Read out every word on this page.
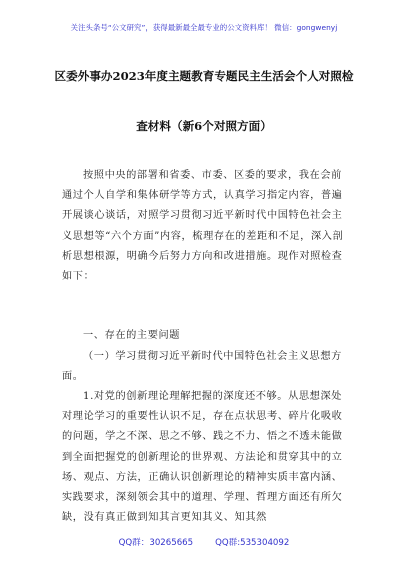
关注头条号“公文研究”，获得最新最全最专业的公文资料库！ 微信：gongwenyj
区委外事办2023年度主题教育专题民主生活会个人对照检
查材料（新6个对照方面）
按照中央的部署和省委、市委、区委的要求，我在会前通过个人自学和集体研学等方式，认真学习指定内容，普遍开展谈心谈话，对照学习贯彻习近平新时代中国特色社会主义思想等“六个方面”内容，梳理存在的差距和不足，深入剖析思想根源，明确今后努力方向和改进措施。现作对照检查如下：
一、存在的主要问题
（一）学习贯彻习近平新时代中国特色社会主义思想方面。
1.对党的创新理论理解把握的深度还不够。从思想深处对理论学习的重要性认识不足，存在点状思考、碎片化吸收的问题，学之不深、思之不够、践之不力、悟之不透未能做到全面把握党的创新理论的世界观、方法论和贯穿其中的立场、观点、方法，正确认识创新理论的精神实质丰富内涵、实践要求，深刻领会其中的道理、学理、哲理方面还有所欠缺，没有真正做到知其言更知其义、知其然
QQ群：30265665	QQ群:535304092
